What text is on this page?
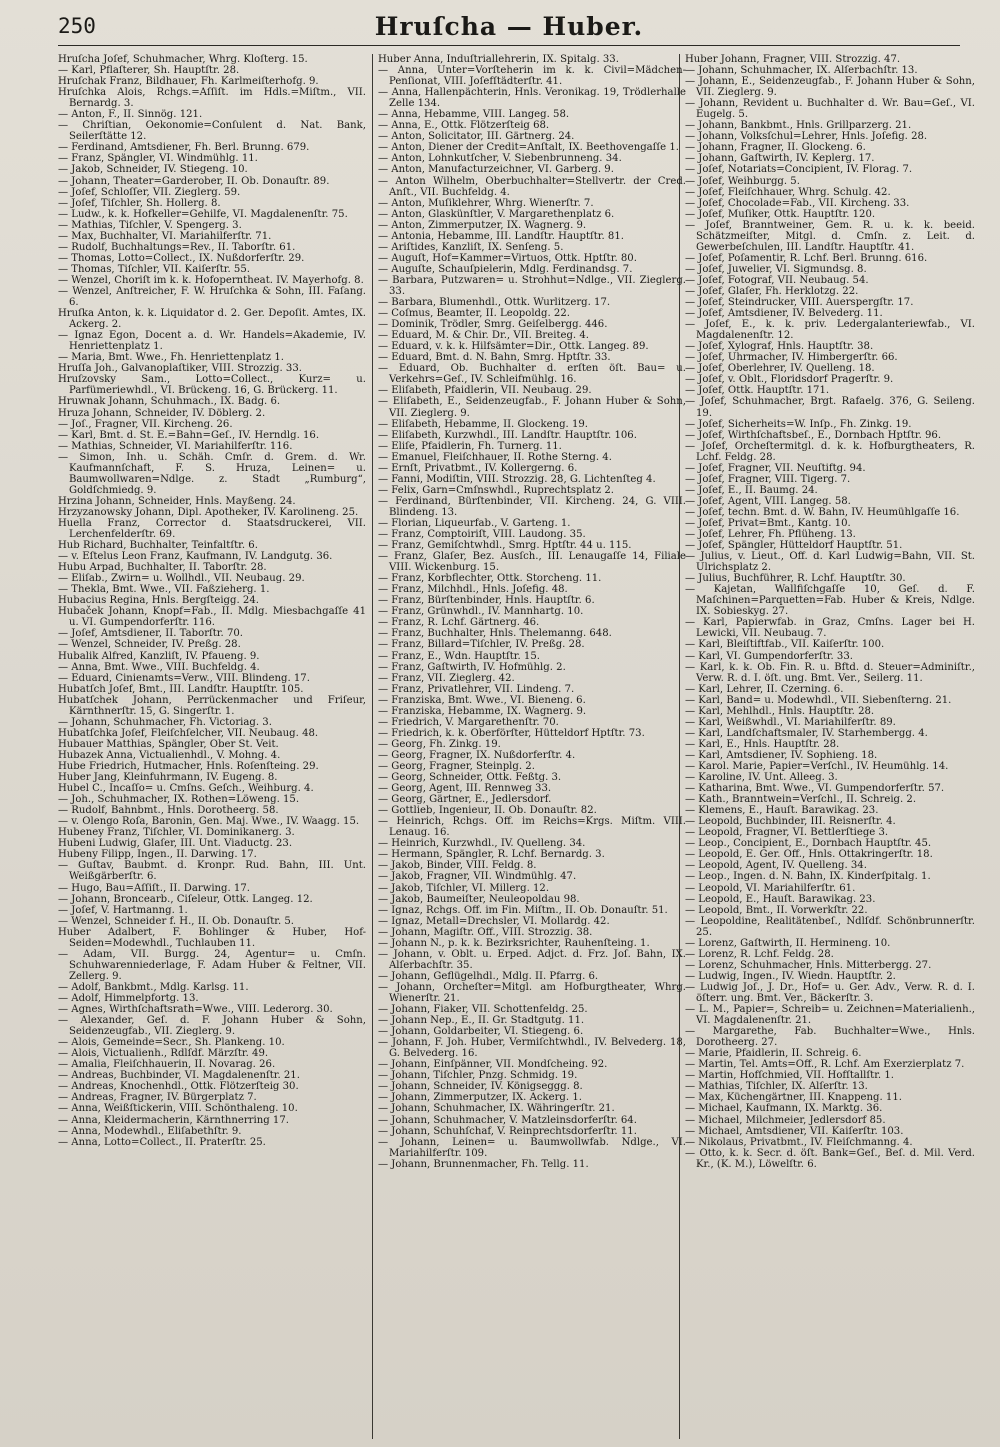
250	Hruſcha — Huber.

Hruſcha Joſef, Schuhmacher, Whrg. Kloſterg. 15.

— Karl, Pflaſterer, Sh. Hauptſtr. 28.

Hruſchak Franz, Bildhauer, Fh. Karlmeiſterhofg. 9.

Hruſchka Alois, Rchgs.=Aſſiſt. im Hdls.=Miſtm., VII. Bernardg. 3.

— Anton, F., II. Sinnög. 121.

— Chriſtian, Oekonomie=Conſulent d. Nat. Bank, Seilerſtätte 12.

— Ferdinand, Amtsdiener, Fh. Berl. Brunng. 679.

— Franz, Spängler, VI. Windmühlg. 11.

— Jakob, Schneider, IV. Stiegeng. 10.

— Johann, Theater=Garderober, II. Ob. Donauſtr. 89.

— Joſef, Schloſſer, VII. Zieglerg. 59.

— Joſef, Tiſchler, Sh. Hollerg. 8.

— Ludw., k. k. Hofkeller=Gehilfe, VI. Magdalenenſtr. 75.

— Mathias, Tiſchler, V. Spengerg. 3.

— Max, Buchhalter, VI. Mariahilferſtr. 71.

— Rudolf, Buchhaltungs=Rev., II. Taborſtr. 61.

— Thomas, Lotto=Collect., IX. Nußdorferſtr. 29.

— Thomas, Tiſchler, VII. Kaiſerſtr. 55.

— Wenzel, Choriſt im k. k. Hofoperntheat. IV. Mayerhofg. 8.

— Wenzel, Anſtreicher, F. W. Hruſchka & Sohn, III. Faſang. 6.

Hruſka Anton, k. k. Liquidator d. 2. Ger. Depoſit. Amtes, IX. Ackerg. 2.

— Ignaz Egon, Docent a. d. Wr. Handels=Akademie, IV. Henriettenplatz 1.

— Maria, Bmt. Wwe., Fh. Henriettenplatz 1.

Hruſſa Joh., Galvanoplaſtiker, VIII. Strozzig. 33.

Hruſzovsky Sam., Lotto=Collect., Kurz= u. Parfümeriewhdl., VI. Brückeng. 16, G. Brückerg. 11.

Hruwnak Johann, Schuhmach., IX. Badg. 6.

Hruza Johann, Schneider, IV. Döblerg. 2.

— Joſ., Fragner, VII. Kircheng. 26.

— Karl, Bmt. d. St. E.=Bahn=Geſ., IV. Herndlg. 16.

— Mathias, Schneider, VI. Mariahilferſtr. 116.

— Simon, Inh. u. Schäh. Cmſr. d. Grem. d. Wr. Kaufmannſchaft, F. S. Hruza, Leinen= u. Baumwollwaren=Ndlge. z. Stadt „Rumburg“, Goldſchmiedg. 9.

Hrzina Johann, Schneider, Hnls. Mayßeng. 24.

Hrzyzanowsky Johann, Dipl. Apotheker, IV. Karolineng. 25.

Huella Franz, Corrector d. Staatsdruckerei, VII. Lerchenfelderſtr. 69.

Hub Richard, Buchhalter, Teinfaltſtr. 6.

— v. Eſtelus Leon Franz, Kaufmann, IV. Landgutg. 36.

Hubu Arpad, Buchhalter, II. Taborſtr. 28.

— Eliſab., Zwirn= u. Wollhdl., VII. Neubaug. 29.

— Thekla, Bmt. Wwe., VII. Faßzieherg. 1.

Hubacius Regina, Hnls. Bergſteigg. 24.

Hubaček Johann, Knopf=Fab., II. Mdlg. Miesbachgaſſe 41 u. VI. Gumpendorferſtr. 116.

— Joſef, Amtsdiener, II. Taborſtr. 70.

— Wenzel, Schneider, IV. Preßg. 28.

Hubalik Alfred, Kanzliſt, IV. Pfaueng. 9.

— Anna, Bmt. Wwe., VIII. Buchfeldg. 4.

— Eduard, Cinienamts=Verw., VIII. Blindeng. 17.

Hubatſch Joſef, Bmt., III. Landſtr. Hauptſtr. 105.

Hubatſchek Johann, Perrückenmacher und Friſeur, Kärnthnerſtr. 15, G. Singerſtr. 1.

— Johann, Schuhmacher, Fh. Victoriag. 3.

Hubatſchka Joſef, Fleiſchſelcher, VII. Neubaug. 48.

Hubauer Matthias, Spängler, Ober St. Veit.

Hubazek Anna, Victualienhdl., V. Mohng. 4.

Hube Friedrich, Hutmacher, Hnls. Roſenſteing. 29.

Huber Jang, Kleinfuhrmann, IV. Eugeng. 8.

Hubel C., Incaſſo= u. Cmſns. Geſch., Weihburg. 4.

— Joh., Schuhmacher, IX. Rothen=Löweng. 15.

— Rudolf, Bahnbmt., Hnls. Dorotheerg. 58.

— v. Olengo Roſa, Baronin, Gen. Maj. Wwe., IV. Waagg. 15.

Hubeney Franz, Tiſchler, VI. Dominikanerg. 3.

Hubeni Ludwig, Glaſer, III. Unt. Viaductg. 23.

Hubeny Filipp, Ingen., II. Darwing. 17.

— Guſtav, Baubmt. d. Kronpr. Rud. Bahn, III. Unt. Weißgärberſtr. 6.

— Hugo, Bau=Aſſiſt., II. Darwing. 17.

— Johann, Broncearb., Ciſeleur, Ottk. Langeg. 12.

— Joſef, V. Hartmanng. 1.

— Wenzel, Schneider f. H., II. Ob. Donauſtr. 5.

Huber Adalbert, F. Bohlinger & Huber, Hof-Seiden=Modewhdl., Tuchlauben 11.

— Adam, VII. Burgg. 24, Agentur= u. Cmſn. Schuhwarenniederlage, F. Adam Huber & Feltner, VII. Zellerg. 9.

— Adolf, Bankbmt., Mdlg. Karlsg. 11.

— Adolf, Himmelpfortg. 13.

— Agnes, Wirthſchaftsrath=Wwe., VIII. Lederorg. 30.

— Alexander, Geſ. d. F. Johann Huber & Sohn, Seidenzeugfab., VII. Zieglerg. 9.

— Alois, Gemeinde=Secr., Sh. Plankeng. 10.

— Alois, Victualienh., Rdlſdf. Märzſtr. 49.

— Amalia, Fleiſchhauerin, II. Novarag. 26.

— Andreas, Buchbinder, VI. Magdalenenſtr. 21.

— Andreas, Knochenhdl., Ottk. Flötzerſteig 30.

— Andreas, Fragner, IV. Bürgerplatz 7.

— Anna, Weißſtickerin, VIII. Schönthaleng. 10.

— Anna, Kleidermacherin, Kärnthnerring 17.

— Anna, Modewhdl., Eliſabethſtr. 9.

— Anna, Lotto=Collect., II. Praterſtr. 25.

Huber Anna, Induſtriallehrerin, IX. Spitalg. 33.

— Anna, Unter=Vorſteherin im k. k. Civil=Mädchen-Penſionat, VIII. Joſefſtädterſtr. 41.

— Anna, Hallenpächterin, Hnls. Veronikag. 19, Trödlerhalle Zelle 134.

— Anna, Hebamme, VIII. Langeg. 58.

— Anna, E., Ottk. Flötzerſteig 68.

— Anton, Solicitator, III. Gärtnerg. 24.

— Anton, Diener der Credit=Anſtalt, IX. Beethovengaſſe 1.

— Anton, Lohnkutſcher, V. Siebenbrunneng. 34.

— Anton, Manufacturzeichner, VI. Garberg. 9.

— Anton Wilhelm, Oberbuchhalter=Stellvertr. der Cred. Anſt., VII. Buchfeldg. 4.

— Anton, Muſiklehrer, Whrg. Wienerſtr. 7.

— Anton, Glaskünſtler, V. Margarethenplatz 6.

— Anton, Zimmerputzer, IX. Wagnerg. 9.

— Antonia, Hebamme, III. Landſtr. Hauptſtr. 81.

— Ariſtides, Kanzliſt, IX. Senſeng. 5.

— Auguſt, Hof=Kammer=Virtuos, Ottk. Hptſtr. 80.

— Auguſte, Schauſpielerin, Mdlg. Ferdinandsg. 7.

— Barbara, Putzwaren= u. Strohhut=Ndlge., VII. Zieglerg. 33.

— Barbara, Blumenhdl., Ottk. Wurlitzerg. 17.

— Coſmus, Beamter, II. Leopoldg. 22.

— Dominik, Trödler, Smrg. Geiſelbergg. 446.

— Eduard, M. & Chir. Dr., VII. Breiteg. 4.

— Eduard, v. k. k. Hilfsämter=Dir., Ottk. Langeg. 89.

— Eduard, Bmt. d. N. Bahn, Smrg. Hptſtr. 33.

— Eduard, Ob. Buchhalter d. erſten öſt. Bau= u. Verkehrs=Geſ., IV. Schleifmühlg. 16.

— Eliſabeth, Pfaidlerin, VII. Neubaug. 29.

— Eliſabeth, E., Seidenzeugfab., F. Johann Huber & Sohn, VII. Zieglerg. 9.

— Eliſabeth, Hebamme, II. Glockeng. 19.

— Eliſabeth, Kurzwhdl., III. Landſtr. Hauptſtr. 106.

— Eliſe, Pfaidlerin, Fh. Turnerg. 11.

— Emanuel, Fleiſchhauer, II. Rothe Sterng. 4.

— Ernſt, Privatbmt., IV. Kollergerng. 6.

— Fanni, Modiſtin, VIII. Strozzig. 28, G. Lichtenſteg 4.

— Felix, Garn=Cmſnswhdl., Ruprechtsplatz 2.

— Ferdinand, Bürſtenbinder, VII. Kircheng. 24, G. VIII. Blindeng. 13.

— Florian, Liqueurfab., V. Garteng. 1.

— Franz, Comptoiriſt, VIII. Laudong. 35.

— Franz, Gemiſchtwhdl., Smrg. Hptſtr. 44 u. 115.

— Franz, Glaſer, Bez. Ausſch., III. Lenaugaſſe 14, Filiale VIII. Wickenburg. 15.

— Franz, Korbflechter, Ottk. Storcheng. 11.

— Franz, Milchhdl., Hnls. Joſefig. 48.

— Franz, Bürſtenbinder, Hnls. Hauptſtr. 6.

— Franz, Grünwhdl., IV. Mannhartg. 10.

— Franz, R. Lchf. Gärtnerg. 46.

— Franz, Buchhalter, Hnls. Thelemanng. 648.

— Franz, Billard=Tiſchler, IV. Preßg. 28.

— Franz, E., Wdn. Hauptſtr. 15.

— Franz, Gaſtwirth, IV. Hofmühlg. 2.

— Franz, VII. Zieglerg. 42.

— Franz, Privatlehrer, VII. Lindeng. 7.

— Franziska, Bmt. Wwe., VI. Bieneng. 6.

— Franziska, Hebamme, IX. Wagnerg. 9.

— Friedrich, V. Margarethenſtr. 70.

— Friedrich, k. k. Oberförſter, Hütteldorf Hptſtr. 73.

— Georg, Fh. Zinkg. 19.

— Georg, Fragner, IX. Nußdorferſtr. 4.

— Georg, Fragner, Steinplg. 2.

— Georg, Schneider, Ottk. Feßtg. 3.

— Georg, Agent, III. Rennweg 33.

— Georg, Gärtner, E., Jedlersdorf.

— Gottlieb, Ingenieur, II. Ob. Donauſtr. 82.

— Heinrich, Rchgs. Off. im Reichs=Krgs. Miſtm. VIII. Lenaug. 16.

— Heinrich, Kurzwhdl., IV. Quelleng. 34.

— Hermann, Spängler, R. Lchf. Bernardg. 3.

— Jakob, Binder, VIII. Feldg. 8.

— Jakob, Fragner, VII. Windmühlg. 47.

— Jakob, Tiſchler, VI. Millerg. 12.

— Jakob, Baumeiſter, Neuleopoldau 98.

— Ignaz, Rchgs. Off. im Fin. Miſtm., II. Ob. Donauſtr. 51.

— Ignaz, Metall=Drechsler, VI. Mollardg. 42.

— Johann, Magiſtr. Off., VIII. Strozzig. 38.

— Johann N., p. k. k. Bezirksrichter, Rauhenſteing. 1.

— Johann, v. Oblt. u. Erped. Adjct. d. Frz. Joſ. Bahn, IX. Alſerbachſtr. 35.

— Johann, Geflügelhdl., Mdlg. II. Pfarrg. 6.

— Johann, Orcheſter=Mitgl. am Hofburgtheater, Whrg. Wienerſtr. 21.

— Johann, Fiaker, VII. Schottenfeldg. 25.

— Johann Nep., E., II. Gr. Stadtgutg. 11.

— Johann, Goldarbeiter, VI. Stiegeng. 6.

— Johann, F. Joh. Huber, Vermiſchtwhdl., IV. Belvederg. 18, G. Belvederg. 16.

— Johann, Einſpänner, VII. Mondſcheing. 92.

— Johann, Tiſchler, Pnzg. Schmidg. 19.

— Johann, Schneider, IV. Königseggg. 8.

— Johann, Zimmerputzer, IX. Ackerg. 1.

— Johann, Schuhmacher, IX. Währingerſtr. 21.

— Johann, Schuhmacher, V. Matzleinsdorferſtr. 64.

— Johann, Schuhſchaf, V. Reinprechtsdorferſtr. 11.

— Johann, Leinen= u. Baumwollwfab. Ndlge., VI. Mariahilferſtr. 109.

— Johann, Brunnenmacher, Fh. Tellg. 11.

Huber Johann, Fragner, VIII. Strozzig. 47.

— Johann, Schuhmacher, IX. Alſerbachſtr. 13.

— Johann, E., Seidenzeugfab., F. Johann Huber & Sohn, VII. Zieglerg. 9.

— Johann, Revident u. Buchhalter d. Wr. Bau=Geſ., VI. Eugelg. 5.

— Johann, Bankbmt., Hnls. Grillparzerg. 21.

— Johann, Volksſchul=Lehrer, Hnls. Joſefig. 28.

— Johann, Fragner, II. Glockeng. 6.

— Johann, Gaſtwirth, IV. Keplerg. 17.

— Joſef, Notariats=Concipient, IV. Florag. 7.

— Joſef, Weihburgg. 5.

— Joſef, Fleiſchhauer, Whrg. Schulg. 42.

— Joſef, Chocolade=Fab., VII. Kircheng. 33.

— Joſef, Muſiker, Ottk. Hauptſtr. 120.

— Joſef, Branntweiner, Gem. R. u. k. k. beeid. Schätzmeiſter, Mitgl. d. Cmſn. z. Leit. d. Gewerbeſchulen, III. Landſtr. Hauptſtr. 41.

— Joſef, Poſamentir, R. Lchf. Berl. Brunng. 616.

— Joſef, Juwelier, VI. Sigmundsg. 8.

— Joſef, Fotograf, VII. Neubaug. 54.

— Joſef, Glaſer, Fh. Herklotzg. 22.

— Joſef, Steindrucker, VIII. Auerspergſtr. 17.

— Joſef, Amtsdiener, IV. Belvederg. 11.

— Joſef, E., k. k. priv. Ledergalanteriewfab., VI. Magdalenenſtr. 12.

— Joſef, Xylograf, Hnls. Hauptſtr. 38.

— Joſef, Uhrmacher, IV. Himbergerſtr. 66.

— Joſef, Oberlehrer, IV. Quelleng. 18.

— Joſef, v. Oblt., Floridsdorf Pragerſtr. 9.

— Joſef, Ottk. Hauptſtr. 171.

— Joſef, Schuhmacher, Brgt. Rafaelg. 376, G. Seileng. 19.

— Joſef, Sicherheits=W. Inſp., Fh. Zinkg. 19.

— Joſef, Wirthſchaftsbeſ., E., Dornbach Hptſtr. 96.

— Joſef, Orcheſtermitgl. d. k. k. Hofburgtheaters, R. Lchf. Feldg. 28.

— Joſef, Fragner, VII. Neuſtiftg. 94.

— Joſef, Fragner, VIII. Tigerg. 7.

— Joſef, E., II. Baumg. 24.

— Joſef, Agent, VIII. Langeg. 58.

— Joſef, techn. Bmt. d. W. Bahn, IV. Heumühlgaſſe 16.

— Joſef, Privat=Bmt., Kantg. 10.

— Joſef, Lehrer, Fh. Pflüheng. 13.

— Joſef, Spängler, Hütteldorf Hauptſtr. 51.

— Julius, v. Lieut., Off. d. Karl Ludwig=Bahn, VII. St. Ulrichsplatz 2.

— Julius, Buchführer, R. Lchf. Hauptſtr. 30.

— Kajetan, Wallfiſchgaſſe 10, Geſ. d. F. Maſchinen=Parquetten=Fab. Huber & Kreis, Ndlge. IX. Sobieskyg. 27.

— Karl, Papierwfab. in Graz, Cmſns. Lager bei H. Lewicki, VII. Neubaug. 7.

— Karl, Bleiſtiftfab., VII. Kaiſerſtr. 100.

— Karl, VI. Gumpendorferſtr. 33.

— Karl, k. k. Ob. Fin. R. u. Bftd. d. Steuer=Adminiſtr., Verw. R. d. I. öſt. ung. Bmt. Ver., Seilerg. 11.

— Karl, Lehrer, II. Czerning. 6.

— Karl, Band= u. Modewhdl., VII. Siebenſterng. 21.

— Karl, Mehlhdl., Hnls. Hauptſtr. 28.

— Karl, Weißwhdl., VI. Mariahilferſtr. 89.

— Karl, Landſchaftsmaler, IV. Starhembergg. 4.

— Karl, E., Hnls. Hauptſtr. 28.

— Karl, Amtsdiener, IV. Sophieng. 18.

— Karol. Marie, Papier=Verſchl., IV. Heumühlg. 14.

— Karoline, IV. Unt. Alleeg. 3.

— Katharina, Bmt. Wwe., VI. Gumpendorferſtr. 57.

— Kath., Branntwein=Verſchl., II. Schreig. 2.

— Klemens, E., Hauſt. Barawikag. 23.

— Leopold, Buchbinder, III. Reisnerſtr. 4.

— Leopold, Fragner, VI. Bettlerſtiege 3.

— Leop., Concipient, E., Dornbach Hauptſtr. 45.

— Leopold, E. Ger. Off., Hnls. Ottakringerſtr. 18.

— Leopold, Agent, IV. Quelleng. 34.

— Leop., Ingen. d. N. Bahn, IX. Kinderſpitalg. 1.

— Leopold, VI. Mariahilferſtr. 61.

— Leopold, E., Hauſt. Barawikag. 23.

— Leopold, Bmt., II. Vorwerkſtr. 22.

— Leopoldine, Realitätenbeſ., Ndlſdf. Schönbrunnerſtr. 25.

— Lorenz, Gaſtwirth, II. Hermineng. 10.

— Lorenz, R. Lchf. Feldg. 28.

— Lorenz, Schuhmacher, Hnls. Mitterbergg. 27.

— Ludwig, Ingen., IV. Wiedn. Hauptſtr. 2.

— Ludwig Joſ., J. Dr., Hof= u. Ger. Adv., Verw. R. d. I. öſterr. ung. Bmt. Ver., Bäckerſtr. 3.

— L. M., Papier=, Schreib= u. Zeichnen=Materialienh., VI. Magdalenenſtr. 21.

— Margarethe, Fab. Buchhalter=Wwe., Hnls. Dorotheerg. 27.

— Marie, Pfaidlerin, II. Schreig. 6.

— Martin, Tel. Amts=Off., R. Lchf. Am Exerzierplatz 7.

— Martin, Hofſchmied, VII. Hofſtallſtr. 1.

— Mathias, Tiſchler, IX. Alſerſtr. 13.

— Max, Küchengärtner, III. Knappeng. 11.

— Michael, Kaufmann, IX. Marktg. 36.

— Michael, Milchmeier, Jedlersdorf 85.

— Michael, Amtsdiener, VII. Kaiſerſtr. 103.

— Nikolaus, Privatbmt., IV. Fleiſchmanng. 4.

— Otto, k. k. Secr. d. öſt. Bank=Geſ., Beſ. d. Mil. Verd. Kr., (K. M.), Löwelſtr. 6.
